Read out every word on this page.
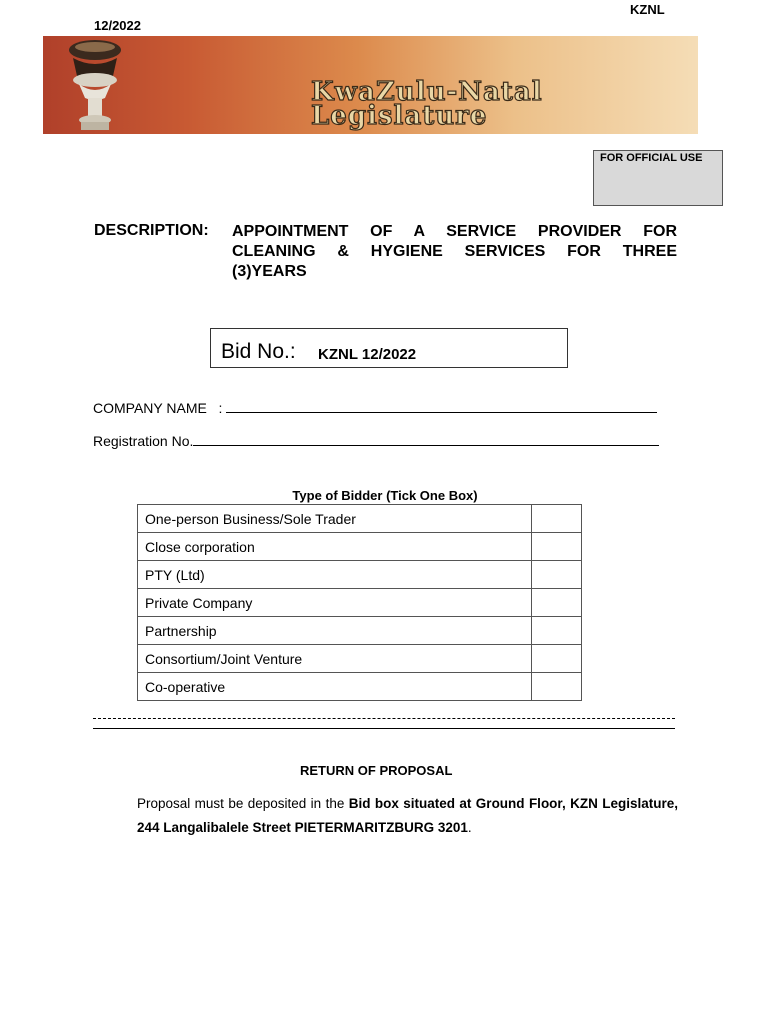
KZNL
12/2022
KwaZulu-Natal
Legislature
FOR OFFICIAL USE
DESCRIPTION: APPOINTMENT OF A SERVICE PROVIDER FOR
CLEANING & HYGIENE SERVICES FOR THREE
(3)YEARS
Bid No.: KZNL 12/2022
COMPANY NAME   :
Registration No.
Type of Bidder (Tick One Box)
One-person Business/Sole Trader	
Close corporation	
PTY (Ltd)	
Private Company	
Partnership	
Consortium/Joint Venture	
Co-operative	
RETURN OF PROPOSAL
Proposal must be deposited in the Bid box situated at Ground Floor, KZN Legislature, 244 Langalibalele Street PIETERMARITZBURG 3201.
